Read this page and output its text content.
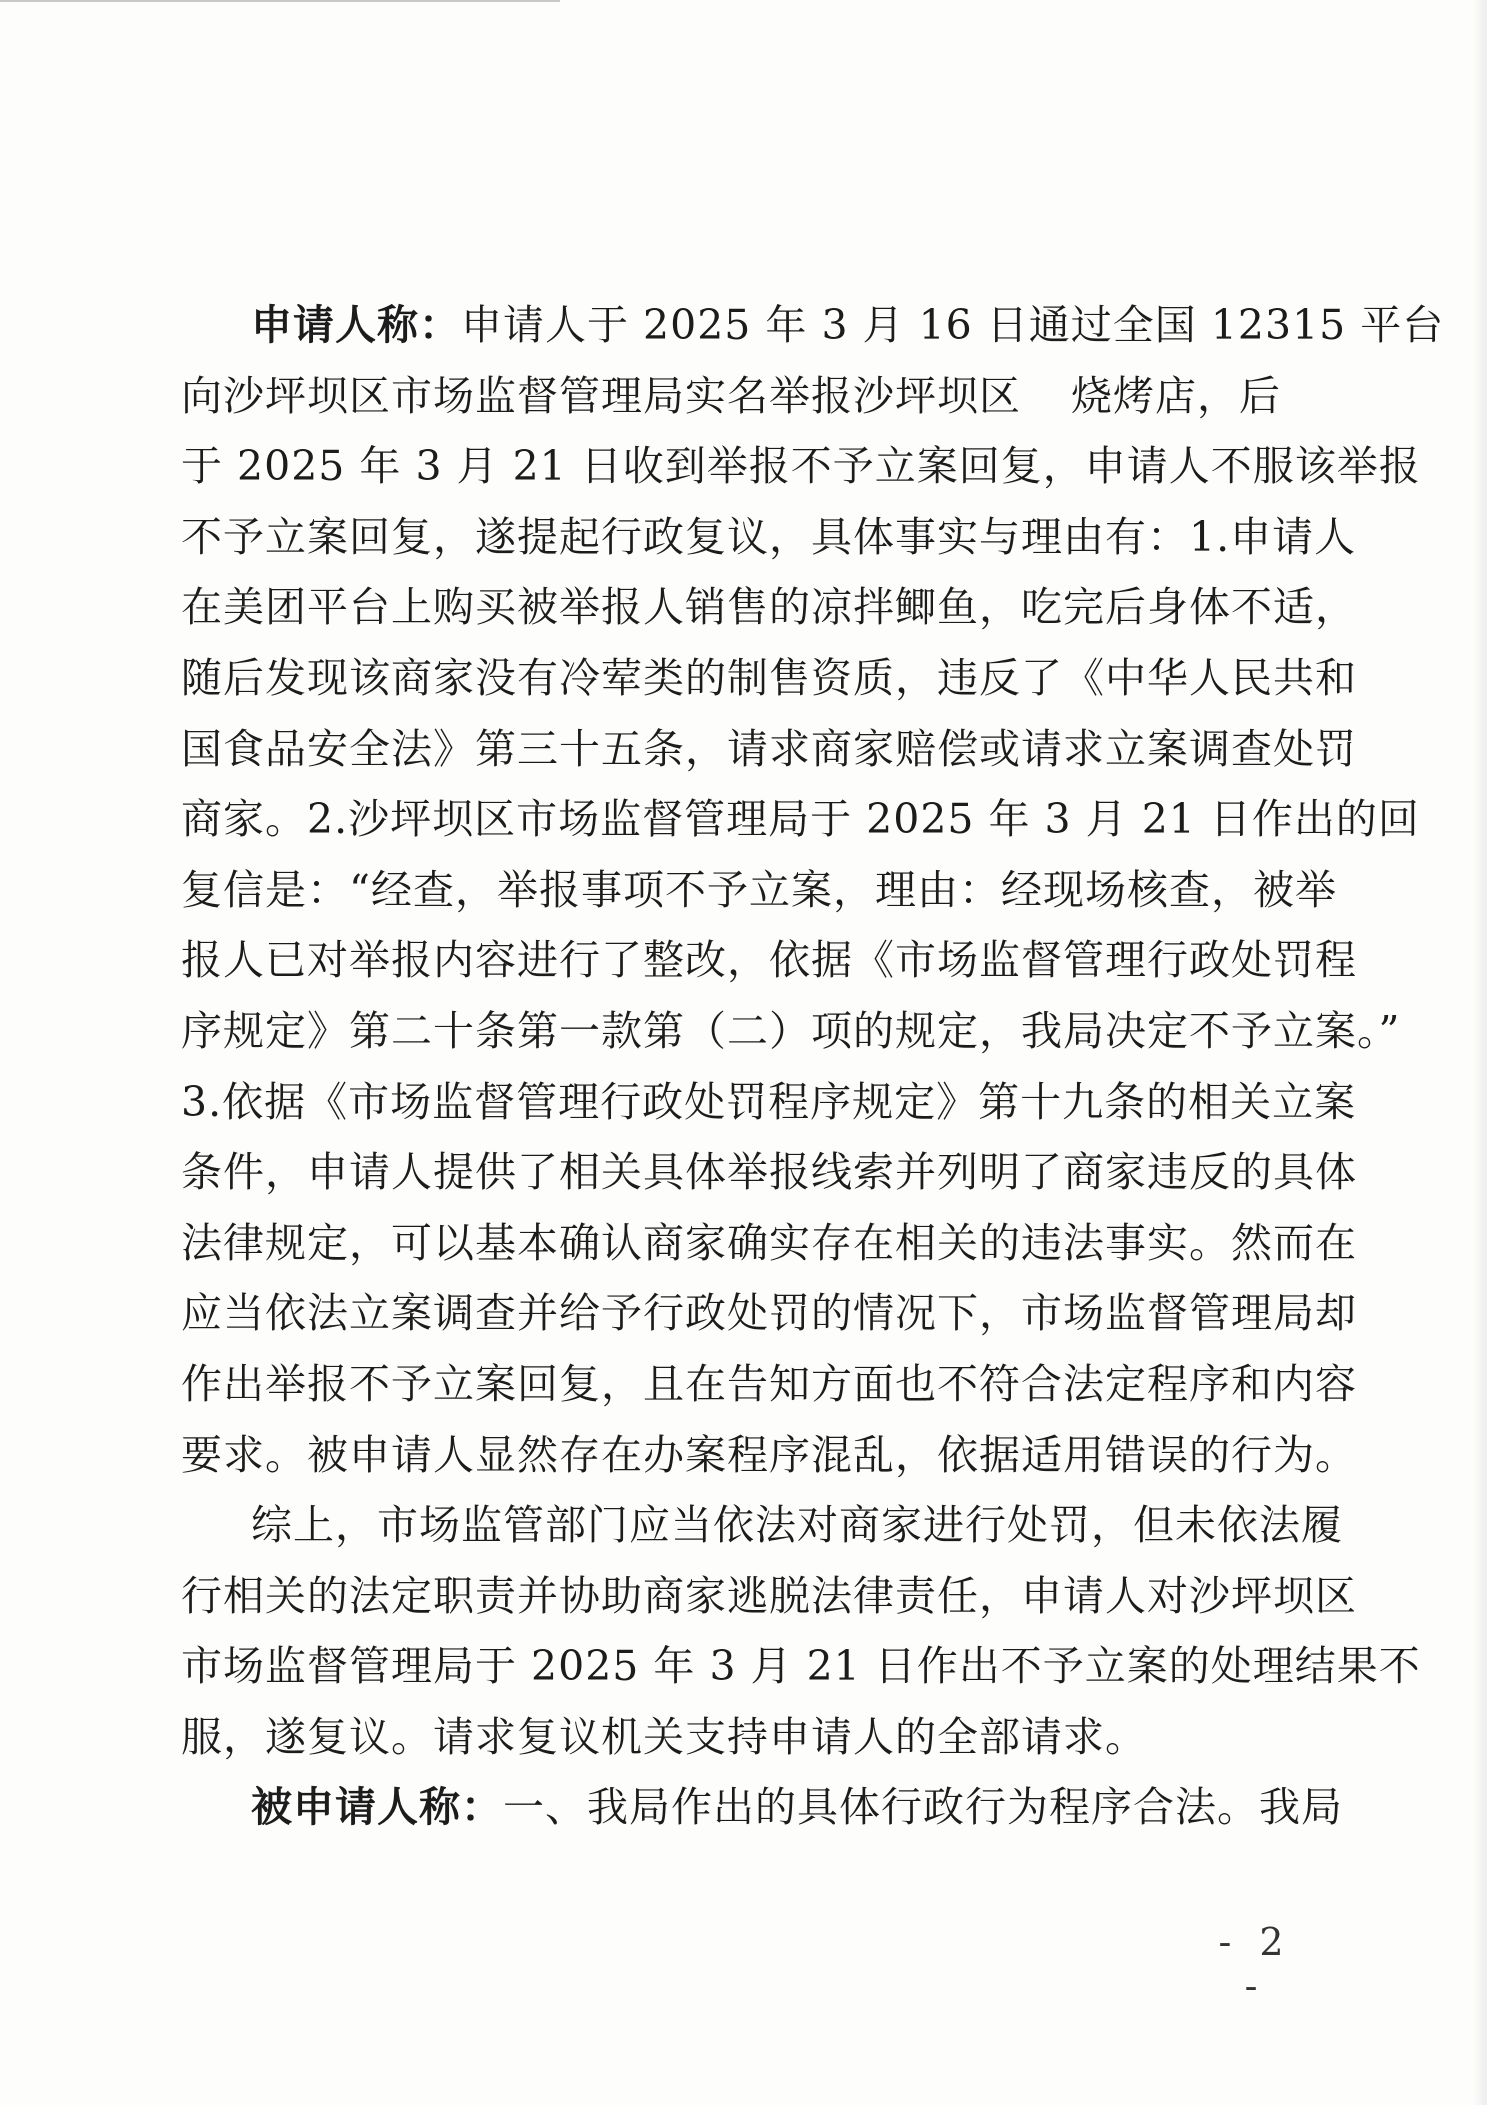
申请人称：申请人于 2025 年 3 月 16 日通过全国 12315 平台
向沙坪坝区市场监督管理局实名举报沙坪坝区 烧烤店，后
于 2025 年 3 月 21 日收到举报不予立案回复，申请人不服该举报
不予立案回复，遂提起行政复议，具体事实与理由有：1.申请人
在美团平台上购买被举报人销售的凉拌鲫鱼，吃完后身体不适，
随后发现该商家没有冷荤类的制售资质，违反了《中华人民共和
国食品安全法》第三十五条，请求商家赔偿或请求立案调查处罚
商家。2.沙坪坝区市场监督管理局于 2025 年 3 月 21 日作出的回
复信是：“经查，举报事项不予立案，理由：经现场核查，被举
报人已对举报内容进行了整改，依据《市场监督管理行政处罚程
序规定》第二十条第一款第（二）项的规定，我局决定不予立案。”
3.依据《市场监督管理行政处罚程序规定》第十九条的相关立案
条件，申请人提供了相关具体举报线索并列明了商家违反的具体
法律规定，可以基本确认商家确实存在相关的违法事实。然而在
应当依法立案调查并给予行政处罚的情况下，市场监督管理局却
作出举报不予立案回复，且在告知方面也不符合法定程序和内容
要求。被申请人显然存在办案程序混乱，依据适用错误的行为。
综上，市场监管部门应当依法对商家进行处罚，但未依法履
行相关的法定职责并协助商家逃脱法律责任，申请人对沙坪坝区
市场监督管理局于 2025 年 3 月 21 日作出不予立案的处理结果不
服，遂复议。请求复议机关支持申请人的全部请求。
被申请人称：一、我局作出的具体行政行为程序合法。我局
- 2 -
